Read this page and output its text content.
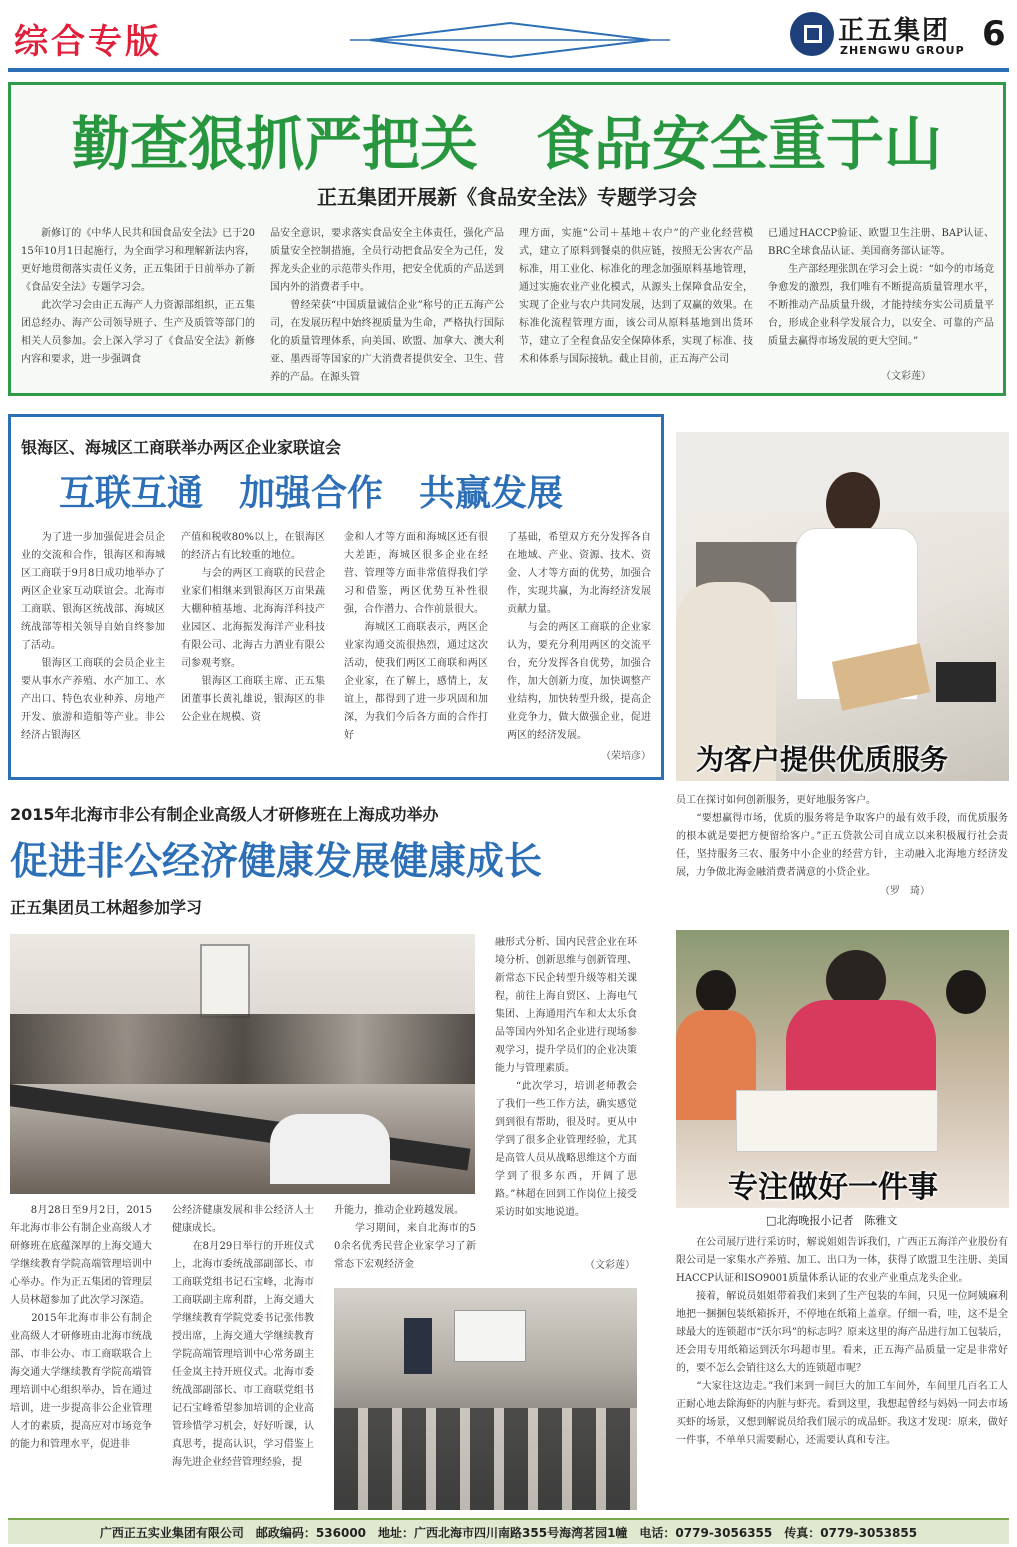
综合专版	正五集团
ZHENGWU GROUP 6
勤查狠抓严把关　食品安全重于山
正五集团开展新《食品安全法》专题学习会
　　新修订的《中华人民共和国食品安全法》已于2015年10月1日起施行，为全面学习和理解新法内容，更好地贯彻落实责任义务，正五集团于日前举办了新《食品安全法》专题学习会。
　　此次学习会由正五海产人力资源部组织，正五集团总经办、海产公司领导班子、生产及质管等部门的相关人员参加。会上深入学习了《食品安全法》新修内容和要求，进一步强调食
品安全意识，要求落实食品安全主体责任，强化产品质量安全控制措施，全员行动把食品安全为己任，发挥龙头企业的示范带头作用，把安全优质的产品送到国内外的消费者手中。
　　曾经荣获“中国质量诚信企业”称号的正五海产公司，在发展历程中始终视质量为生命，严格执行国际化的质量管理体系，向美国、欧盟、加拿大、澳大利亚、墨西哥等国家的广大消费者提供安全、卫生、营养的产品。在源头管
理方面，实施“公司＋基地＋农户”的产业化经营模式，建立了原料到餐桌的供应链，按照无公害农产品标准，用工业化、标准化的理念加强原料基地管理，通过实施农业产业化模式，从源头上保障食品安全，实现了企业与农户共同发展，达到了双赢的效果。在标准化流程管理方面，该公司从原料基地到出货环节，建立了全程食品安全保障体系，实现了标准、技术和体系与国际接轨。截止目前，正五海产公司
已通过HACCP验证、欧盟卫生注册、BAP认证、BRC全球食品认证、美国商务部认证等。
　　生产部经理张凯在学习会上说：“如今的市场竞争愈发的激烈，我们唯有不断提高质量管理水平，不断推动产品质量升级，才能持续夯实公司质量平台，形成企业科学发展合力，以安全、可靠的产品质量去赢得市场发展的更大空间。”
（文彩莲）
银海区、海城区工商联举办两区企业家联谊会
互联互通　加强合作　共赢发展
　　为了进一步加强促进会员企业的交流和合作，银海区和海城区工商联于9月8日成功地举办了两区企业家互动联谊会。北海市工商联、银海区统战部、海城区统战部等相关领导自始自终参加了活动。
　　银海区工商联的会员企业主要从事水产养殖、水产加工、水产出口、特色农业种养、房地产开发、旅游和造船等产业。非公经济占银海区
产值和税收80%以上，在银海区的经济占有比较重的地位。
　　与会的两区工商联的民营企业家们相继来到银海区万亩果蔬大棚种植基地、北海海洋科技产业园区、北海振发海洋产业科技有限公司、北海古力酒业有限公司参观考察。
　　银海区工商联主席、正五集团董事长黄礼雄说，银海区的非公企业在规模、资
金和人才等方面和海城区还有很大差距，海城区很多企业在经营、管理等方面非常值得我们学习和借鉴，两区优势互补性很强，合作潜力、合作前景很大。
　　海城区工商联表示，两区企业家沟通交流很热烈，通过这次活动，使我们两区工商联和两区企业家，在了解上，感情上，友谊上，都得到了进一步巩固和加深，为我们今后各方面的合作打好
了基础，希望双方充分发挥各自在地域、产业、资源、技术、资金、人才等方面的优势，加强合作，实现共赢，为北海经济发展贡献力量。
　　与会的两区工商联的企业家认为，要充分利用两区的交流平台，充分发挥各自优势，加强合作，加大创新力度，加快调整产业结构，加快转型升级，提高企业竞争力，做大做强企业，促进两区的经济发展。
（荣培彦） 为客户提供优质服务
员工在探讨如何创新服务，更好地服务客户。
　　“要想赢得市场，优质的服务将是争取客户的最有效手段，而优质服务的根本就是要把方便留给客户。”正五贷款公司自成立以来积极履行社会责任，坚持服务三农、服务中小企业的经营方针，主动融入北海地方经济发展，力争做北海金融消费者满意的小贷企业。
（罗　琦）
2015年北海市非公有制企业高级人才研修班在上海成功举办
促进非公经济健康发展健康成长
正五集团员工林超参加学习
融形式分析、国内民营企业在环境分析、创新思维与创新管理、新常态下民企转型升级等相关课程，前往上海自贸区、上海电气集团、上海通用汽车和太太乐食品等国内外知名企业进行现场参观学习，提升学员们的企业决策能力与管理素质。
　　“此次学习，培训老师教会了我们一些工作方法，确实感觉到到很有帮助，很及时。更从中学到了很多企业管理经验，尤其是高管人员从战略思维这个方面学到了很多东西，开阔了思路。”林超在回到工作岗位上接受采访时如实地说道。
（文彩莲）
　　8月28日至9月2日，2015年北海市非公有制企业高级人才研修班在底蕴深厚的上海交通大学继续教育学院高端管理培训中心举办。作为正五集团的管理层人员林超参加了此次学习深造。
　　2015年北海市非公有制企业高级人才研修班由北海市统战部、市非公办、市工商联联合上海交通大学继续教育学院高端管理培训中心组织举办，旨在通过培训，进一步提高非公企业管理人才的素质，提高应对市场竞争的能力和管理水平，促进非
公经济健康发展和非公经济人士健康成长。
　　在8月29日举行的开班仪式上，北海市委统战部副部长、市工商联党组书记石宝峰，北海市工商联副主席利群，上海交通大学继续教育学院党委书记张伟教授出席，上海交通大学继续教育学院高端管理培训中心常务副主任金岚主持开班仪式。北海市委统战部副部长、市工商联党组书记石宝峰希望参加培训的企业高管珍惜学习机会，好好听课，认真思考，提高认识，学习借鉴上海先进企业经营管理经验，提
升能力，推动企业跨越发展。
　　学习期间，来自北海市的50余名优秀民营企业家学习了新常态下宏观经济金
专注做好一件事
□北海晚报小记者　陈雅文
　　在公司展厅进行采访时，解说姐姐告诉我们，广西正五海洋产业股份有限公司是一家集水产养殖、加工、出口为一体，获得了欧盟卫生注册、美国HACCP认证和ISO9001质量体系认证的农业产业重点龙头企业。
　　接着，解说员姐姐带着我们来到了生产包装的车间，只见一位阿姨麻利地把一捆捆包装纸箱拆开，不停地在纸箱上盖章。仔细一看，哇，这不是全球最大的连锁超市“沃尔玛”的标志吗？原来这里的海产品进行加工包装后，还会用专用纸箱运到沃尔玛超市里。看来，正五海产品质量一定是非常好的，要不怎么会销往这么大的连锁超市呢？
　　“大家往这边走。”我们来到一间巨大的加工车间外，车间里几百名工人正耐心地去除海虾的内脏与虾壳。看到这里，我想起曾经与妈妈一同去市场买虾的场景，又想到解说员给我们展示的成品虾。我这才发现：原来，做好一件事，不单单只需要耐心，还需要认真和专注。
广西正五实业集团有限公司　邮政编码：536000　地址：广西北海市四川南路355号海湾茗园1幢　电话：0779-3056355　传真：0779-3053855
